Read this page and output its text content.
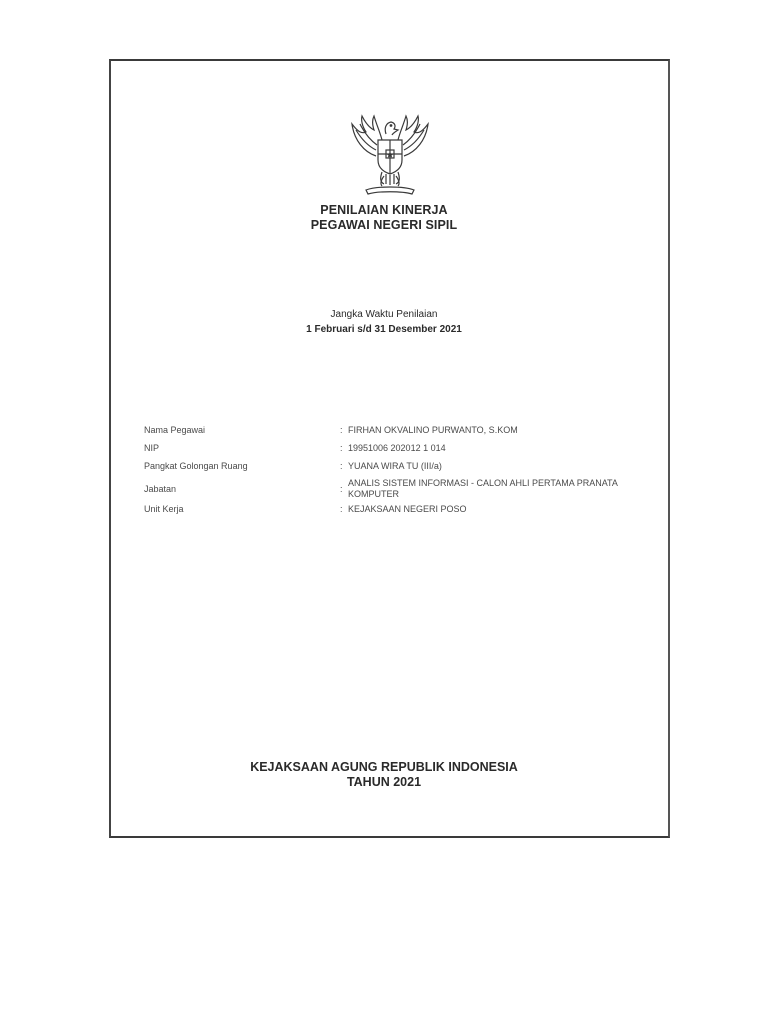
PENILAIAN KINERJA
PEGAWAI NEGERI SIPIL
Jangka Waktu Penilaian
1 Februari s/d 31 Desember 2021
Nama Pegawai	: FIRHAN OKVALINO PURWANTO, S.KOM
NIP	: 19951006 202012 1 014
Pangkat Golongan Ruang	: YUANA WIRA TU (III/a)
Jabatan	:
ANALIS SISTEM INFORMASI - CALON AHLI PERTAMA PRANATA KOMPUTER
Unit Kerja	: KEJAKSAAN NEGERI POSO
KEJAKSAAN AGUNG REPUBLIK INDONESIA
TAHUN 2021
